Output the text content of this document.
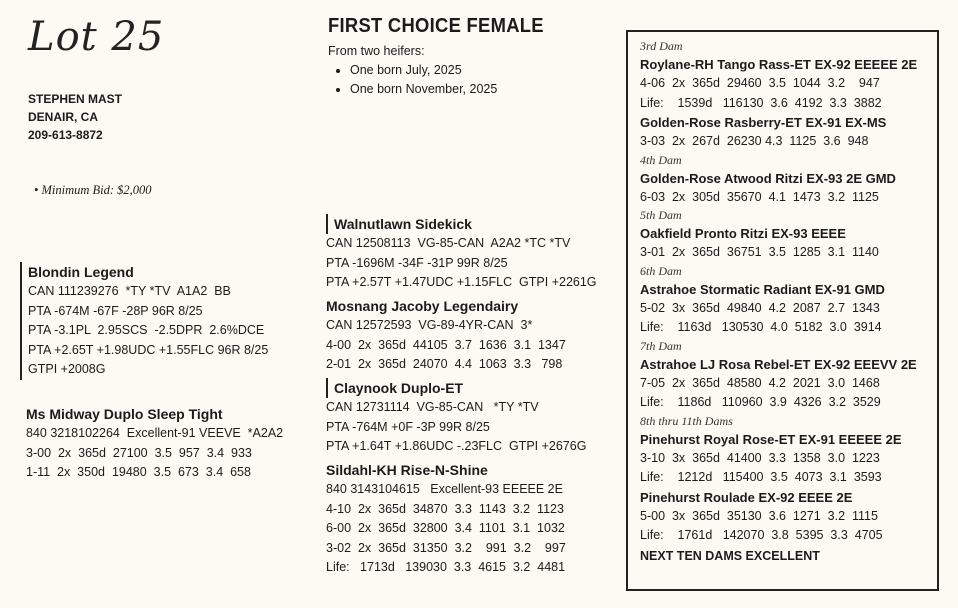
Lot 25
STEPHEN MAST
DENAIR, CA
209-613-8872
• Minimum Bid: $2,000
FIRST CHOICE FEMALE
From two heifers:
• One born July, 2025
• One born November, 2025
Blondin Legend
CAN 111239276  *TY *TV  A1A2  BB
PTA -674M -67F -28P 96R 8/25
PTA -3.1PL  2.95SCS  -2.5DPR  2.6%DCE
PTA +2.65T +1.98UDC +1.55FLC 96R 8/25
GTPI +2008G
Ms Midway Duplo Sleep Tight
840 3218102264  Excellent-91 VEEVE  *A2A2
3-00  2x  365d  27100  3.5  957  3.4  933
1-11  2x  350d  19480  3.5  673  3.4  658
Walnutlawn Sidekick
CAN 12508113  VG-85-CAN  A2A2 *TC *TV
PTA -1696M -34F -31P 99R 8/25
PTA +2.57T +1.47UDC +1.15FLC  GTPI +2261G
Mosnang Jacoby Legendairy
CAN 12572593  VG-89-4YR-CAN  3*
4-00  2x  365d  44105  3.7  1636  3.1  1347
2-01  2x  365d  24070  4.4  1063  3.3   798
Claynook Duplo-ET
CAN 12731114  VG-85-CAN   *TY *TV
PTA -764M +0F -3P 99R 8/25
PTA +1.64T +1.86UDC -.23FLC  GTPI +2676G
Sildahl-KH Rise-N-Shine
840 3143104615   Excellent-93 EEEEE 2E
4-10  2x  365d  34870  3.3  1143  3.2  1123
6-00  2x  365d  32800  3.4  1101  3.1  1032
3-02  2x  365d  31350  3.2    991  3.2    997
Life:   1713d   139030  3.3  4615  3.2  4481
3rd Dam
Roylane-RH Tango Rass-ET EX-92 EEEEE 2E
4-06  2x  365d  29460  3.5  1044  3.2    947
Life:    1539d   116130  3.6  4192  3.3  3882
Golden-Rose Rasberry-ET EX-91 EX-MS
3-03  2x  267d  26230 4.3  1125  3.6  948
4th Dam
Golden-Rose Atwood Ritzi EX-93 2E GMD
6-03  2x  305d  35670  4.1  1473  3.2  1125
5th Dam
Oakfield Pronto Ritzi EX-93 EEEE
3-01  2x  365d  36751  3.5  1285  3.1  1140
6th Dam
Astrahoe Stormatic Radiant EX-91 GMD
5-02  3x  365d  49840  4.2  2087  2.7  1343
Life:    1163d   130530  4.0  5182  3.0  3914
7th Dam
Astrahoe LJ Rosa Rebel-ET EX-92 EEEVV 2E
7-05  2x  365d  48580  4.2  2021  3.0  1468
Life:    1186d   110960  3.9  4326  3.2  3529
8th thru 11th Dams
Pinehurst Royal Rose-ET EX-91 EEEEE 2E
3-10  3x  365d  41400  3.3  1358  3.0  1223
Life:    1212d   115400  3.5  4073  3.1  3593
Pinehurst Roulade EX-92 EEEE 2E
5-00  3x  365d  35130  3.6  1271  3.2  1115
Life:    1761d   142070  3.8  5395  3.3  4705
NEXT TEN DAMS EXCELLENT
